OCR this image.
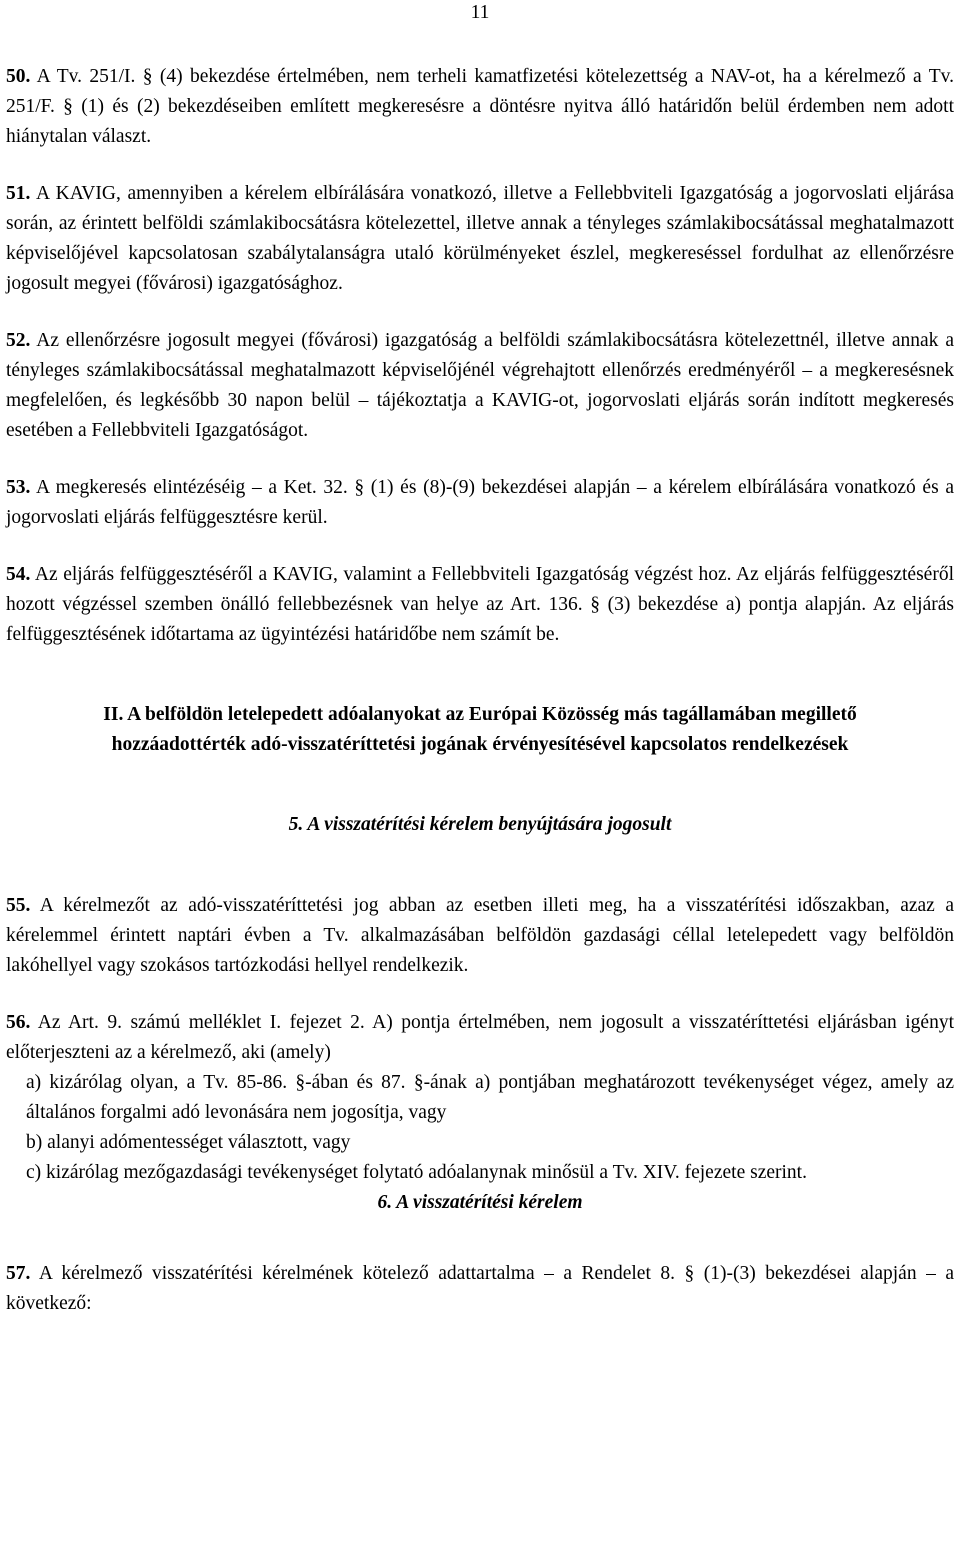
11

50. A Tv. 251/I. § (4) bekezdése értelmében, nem terheli kamatfizetési kötelezettség a NAV-ot, ha a kérelmező a Tv. 251/F. § (1) és (2) bekezdéseiben említett megkeresésre a döntésre nyitva álló határidőn belül érdemben nem adott hiánytalan választ.

51. A KAVIG, amennyiben a kérelem elbírálására vonatkozó, illetve a Fellebbviteli Igazgatóság a jogorvoslati eljárása során, az érintett belföldi számlakibocsátásra kötelezettel, illetve annak a tényleges számlakibocsátással meghatalmazott képviselőjével kapcsolatosan szabálytalanságra utaló körülményeket észlel, megkereséssel fordulhat az ellenőrzésre jogosult megyei (fővárosi) igazgatósághoz.

52. Az ellenőrzésre jogosult megyei (fővárosi) igazgatóság a belföldi számlakibocsátásra kötelezettnél, illetve annak a tényleges számlakibocsátással meghatalmazott képviselőjénél végrehajtott ellenőrzés eredményéről – a megkeresésnek megfelelően, és legkésőbb 30 napon belül – tájékoztatja a KAVIG-ot, jogorvoslati eljárás során indított megkeresés esetében a Fellebbviteli Igazgatóságot.

53. A megkeresés elintézéséig – a Ket. 32. § (1) és (8)-(9) bekezdései alapján – a kérelem elbírálására vonatkozó és a jogorvoslati eljárás felfüggesztésre kerül.

54. Az eljárás felfüggesztéséről a KAVIG, valamint a Fellebbviteli Igazgatóság végzést hoz. Az eljárás felfüggesztéséről hozott végzéssel szemben önálló fellebbezésnek van helye az Art. 136. § (3) bekezdése a) pontja alapján. Az eljárás felfüggesztésének időtartama az ügyintézési határidőbe nem számít be.

II. A belföldön letelepedett adóalanyokat az Európai Közösség más tagállamában megillető hozzáadottérték adó-visszatéríttetési jogának érvényesítésével kapcsolatos rendelkezések
5. A visszatérítési kérelem benyújtására jogosult

55. A kérelmezőt az adó-visszatéríttetési jog abban az esetben illeti meg, ha a visszatérítési időszakban, azaz a kérelemmel érintett naptári évben a Tv. alkalmazásában belföldön gazdasági céllal letelepedett vagy belföldön lakóhellyel vagy szokásos tartózkodási hellyel rendelkezik.

56. Az Art. 9. számú melléklet I. fejezet 2. A) pontja értelmében, nem jogosult a visszatéríttetési eljárásban igényt előterjeszteni az a kérelmező, aki (amely)

a) kizárólag olyan, a Tv. 85-86. §-ában és 87. §-ának a) pontjában meghatározott tevékenységet végez, amely az általános forgalmi adó levonására nem jogosítja, vagy

b) alanyi adómentességet választott, vagy

c) kizárólag mezőgazdasági tevékenységet folytató adóalanynak minősül a Tv. XIV. fejezete szerint.

6. A visszatérítési kérelem

57. A kérelmező visszatérítési kérelmének kötelező adattartalma – a Rendelet 8. § (1)-(3) bekezdései alapján – a következő:
